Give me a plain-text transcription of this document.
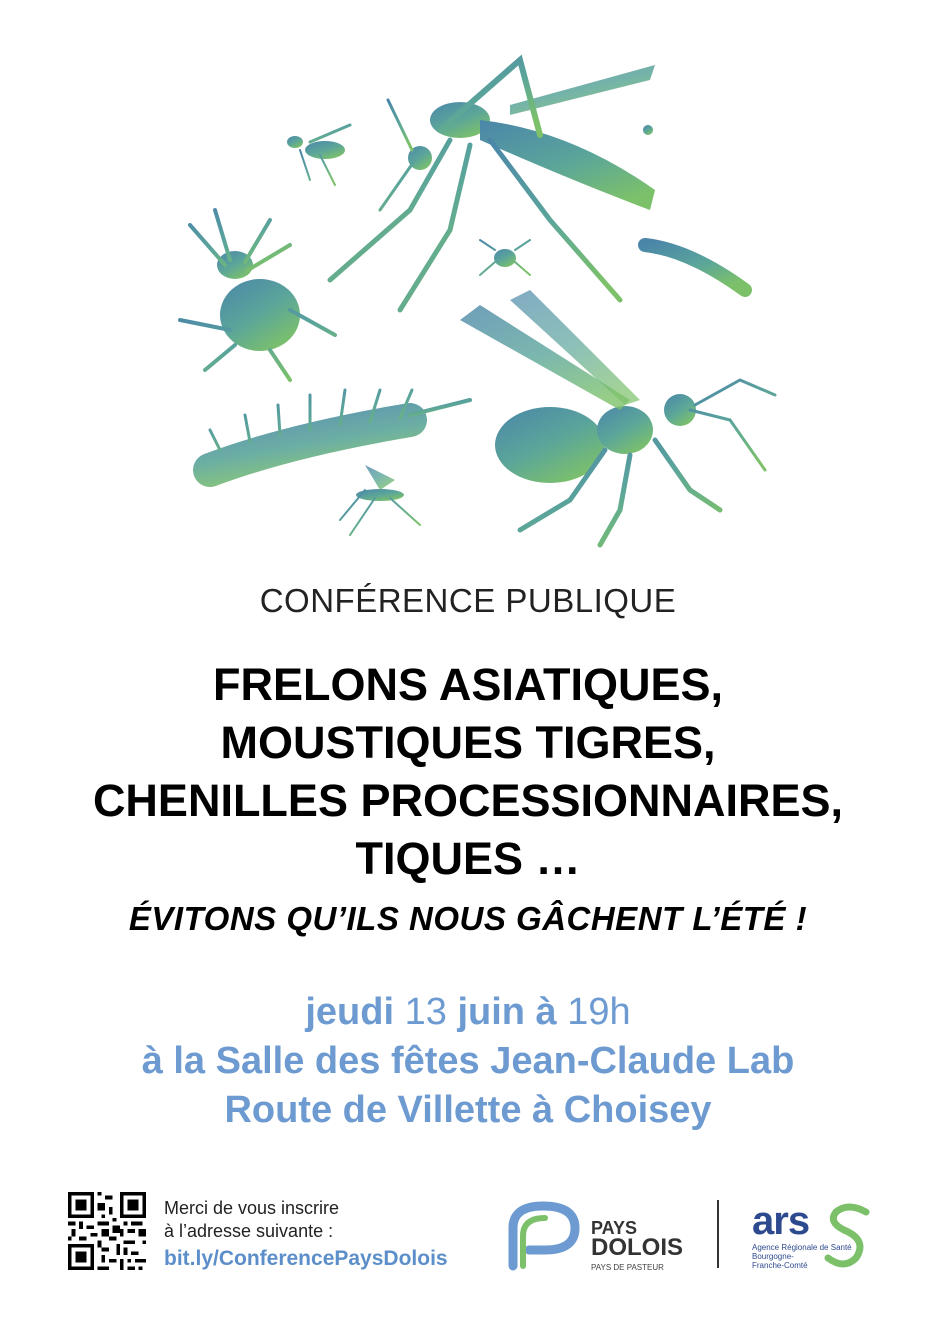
CONFÉRENCE PUBLIQUE
FRELONS ASIATIQUES,
MOUSTIQUES TIGRES,
CHENILLES PROCESSIONNAIRES,
TIQUES …
ÉVITONS QU’ILS NOUS GÂCHENT L’ÉTÉ !
jeudi 13 juin à 19h
à la Salle des fêtes Jean-Claude Lab
Route de Villette à Choisey
Merci de vous inscrire
à l’adresse suivante :
bit.ly/ConferencePaysDolois
PAYS
DOLOIS
PAYS DE PASTEUR
ars
Agence Régionale de Santé
Bourgogne-
Franche-Comté
